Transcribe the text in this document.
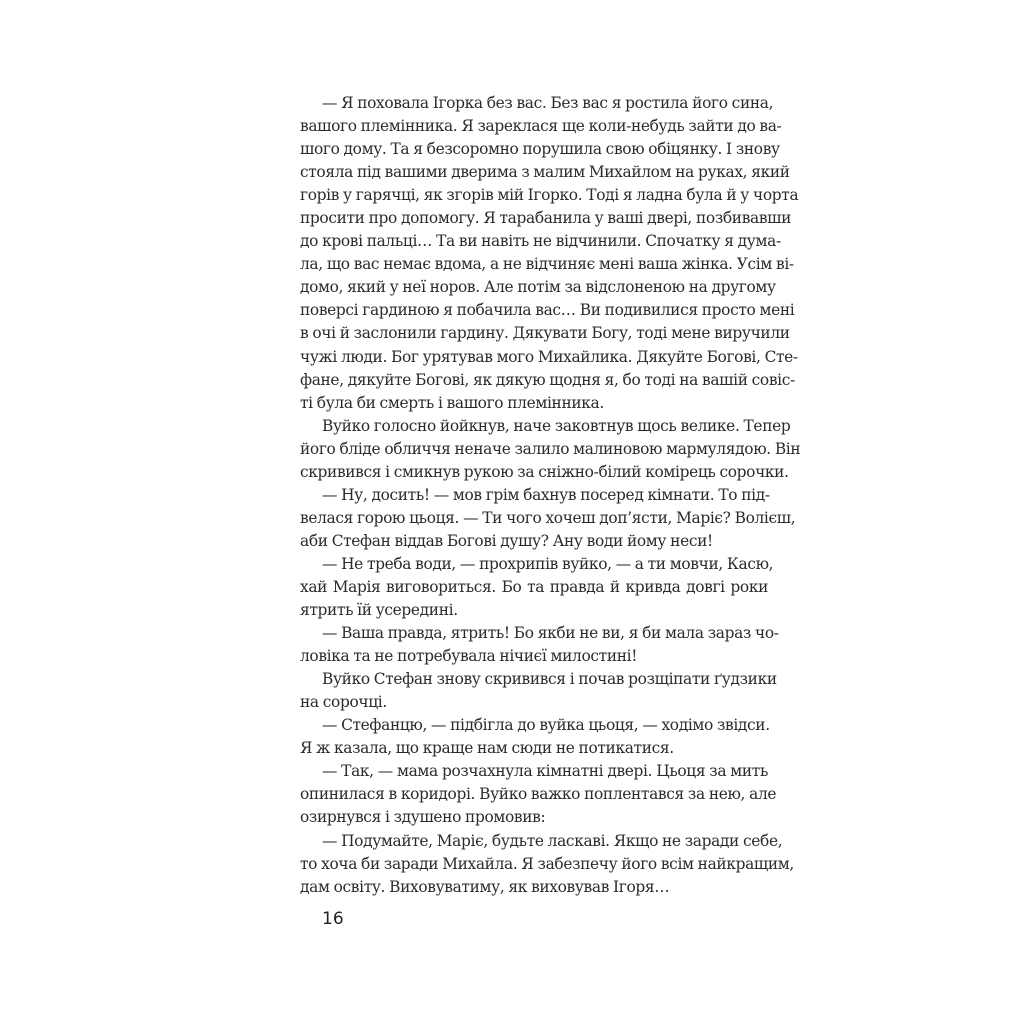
— Я поховала Ігорка без вас. Без вас я ростила його сина,
вашого племінника. Я зареклася ще коли-небудь зайти до ва-
шого дому. Та я безсоромно порушила свою обіцянку. І знову
стояла під вашими дверима з малим Михайлом на руках, який
горів у гарячці, як згорів мій Ігорко. Тоді я ладна була й у чорта
просити про допомогу. Я тарабанила у ваші двері, позбивавши
до крові пальці… Та ви навіть не відчинили. Спочатку я дума-
ла, що вас немає вдома, а не відчиняє мені ваша жінка. Усім ві-
домо, який у неї норов. Але потім за відслоненою на другому
поверсі гардиною я побачила вас… Ви подивилися просто мені
в очі й заслонили гардину. Дякувати Богу, тоді мене виручили
чужі люди. Бог урятував мого Михайлика. Дякуйте Богові, Сте-
фане, дякуйте Богові, як дякую щодня я, бо тоді на вашій совіс-
ті була би смерть і вашого племінника.
Вуйко голосно йойкнув, наче заковтнув щось велике. Тепер
його бліде обличчя неначе залило малиновою мармулядою. Він
скривився і смикнув рукою за сніжно-білий комірець сорочки.
— Ну, досить! — мов грім бахнув посеред кімнати. То під-
велася горою цьоця. — Ти чого хочеш доп’ясти, Маріє? Волієш,
аби Стефан віддав Богові душу? Ану води йому неси!
— Не треба води, — прохрипів вуйко, — а ти мовчи, Касю,
хай Марія виговориться. Бо та правда й кривда довгі роки
ятрить їй усередині.
— Ваша правда, ятрить! Бо якби не ви, я би мала зараз чо-
ловіка та не потребувала нічиєї милостині!
Вуйко Стефан знову скривився і почав розщіпати ґудзики
на сорочці.
— Стефанцю, — підбігла до вуйка цьоця, — ходімо звідси.
Я ж казала, що краще нам сюди не потикатися.
— Так, — мама розчахнула кімнатні двері. Цьоця за мить
опинилася в коридорі. Вуйко важко поплентався за нею, але
озирнувся і здушено промовив:
— Подумайте, Маріє, будьте ласкаві. Якщо не заради себе,
то хоча би заради Михайла. Я забезпечу його всім найкращим,
дам освіту. Виховуватиму, як виховував Ігоря…
16
